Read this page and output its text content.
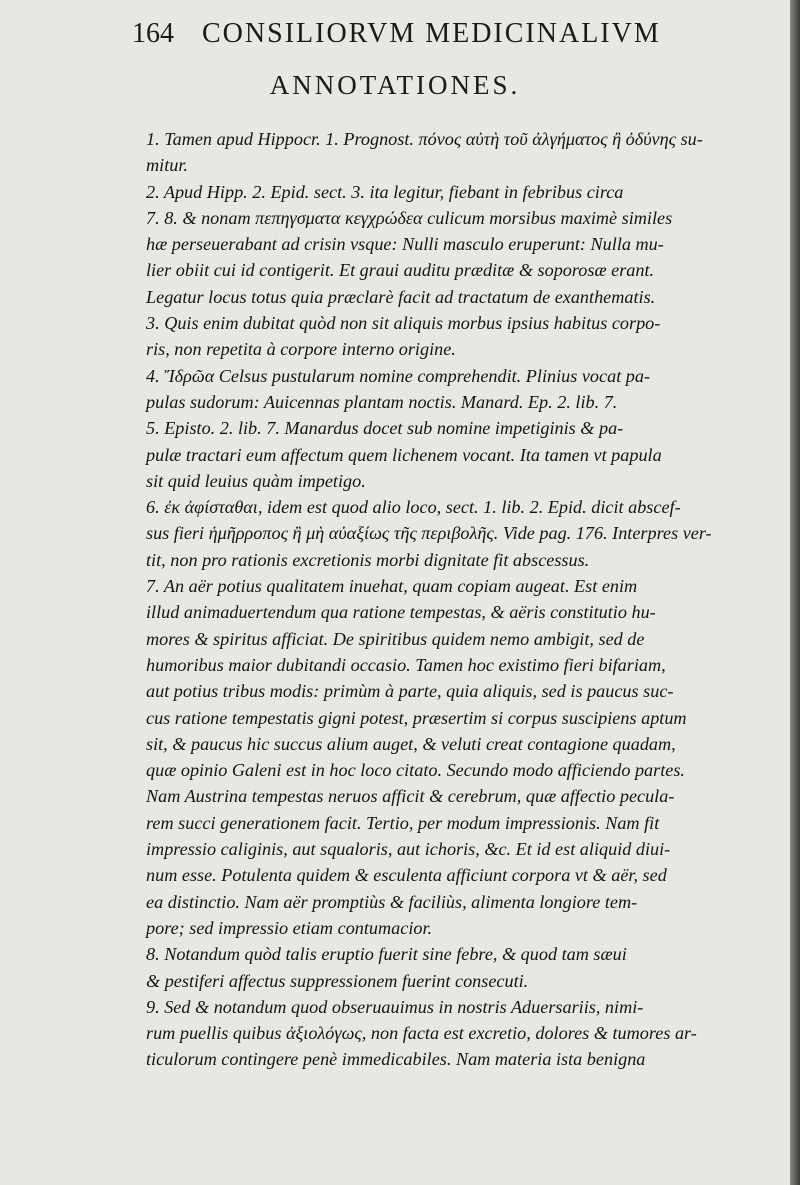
164 CONSILIORVM MEDICINALIVM
ANNOTATIONES.
1. Tamen apud Hippocr. 1. Prognost. πόνος αὐτὴ τοῦ ἀλγήματος ἢ ὀδύνης su-
mitur.
2. Apud Hipp. 2. Epid. sect. 3. ita legitur, fiebant in febribus circa
7. 8. & nonam πεπηγσματα κεγχρώδεα culicum morsibus maximè similes
hæ perseuerabant ad crisin vsque: Nulli masculo eruperunt: Nulla mu-
lier obiit cui id contigerit. Et graui auditu præditæ & soporosæ erant.
Legatur locus totus quia præclarè facit ad tractatum de exanthematis.
3. Quis enim dubitat quòd non sit aliquis morbus ipsius habitus corpo-
ris, non repetita à corpore interno origine.
4. Ἴδρῶα Celsus pustularum nomine comprehendit. Plinius vocat pa-
pulas sudorum: Auicennas plantam noctis. Manard. Ep. 2. lib. 7.
5. Episto. 2. lib. 7. Manardus docet sub nomine impetiginis & pa-
pulæ tractari eum affectum quem lichenem vocant. Ita tamen vt papula
sit quid leuius quàm impetigo.
6. ἐκ ἀφίσταθαι, idem est quod alio loco, sect. 1. lib. 2. Epid. dicit abscef-
sus fieri ἡμῆρροπος ἢ μὴ αὐαξίως τῆς περιβολῆς. Vide pag. 176. Interpres ver-
tit, non pro rationis excretionis morbi dignitate fit abscessus.
7. An aër potius qualitatem inuehat, quam copiam augeat. Est enim
illud animaduertendum qua ratione tempestas, & aëris constitutio hu-
mores & spiritus afficiat. De spiritibus quidem nemo ambigit, sed de
humoribus maior dubitandi occasio. Tamen hoc existimo fieri bifariam,
aut potius tribus modis: primùm à parte, quia aliquis, sed is paucus suc-
cus ratione tempestatis gigni potest, præsertim si corpus suscipiens aptum
sit, & paucus hic succus alium auget, & veluti creat contagione quadam,
quæ opinio Galeni est in hoc loco citato. Secundo modo afficiendo partes.
Nam Austrina tempestas neruos afficit & cerebrum, quæ affectio pecula-
rem succi generationem facit. Tertio, per modum impressionis. Nam fit
impressio caliginis, aut squaloris, aut ichoris, &c. Et id est aliquid diui-
num esse. Potulenta quidem & esculenta afficiunt corpora vt & aër, sed
ea distinctio. Nam aër promptiùs & faciliùs, alimenta longiore tem-
pore; sed impressio etiam contumacior.
8. Notandum quòd talis eruptio fuerit sine febre, & quod tam sæui
& pestiferi affectus suppressionem fuerint consecuti.
9. Sed & notandum quod obseruauimus in nostris Aduersariis, nimi-
rum puellis quibus ἀξιολόγως, non facta est excretio, dolores & tumores ar-
ticulorum contingere penè immedicabiles. Nam materia ista benigna
